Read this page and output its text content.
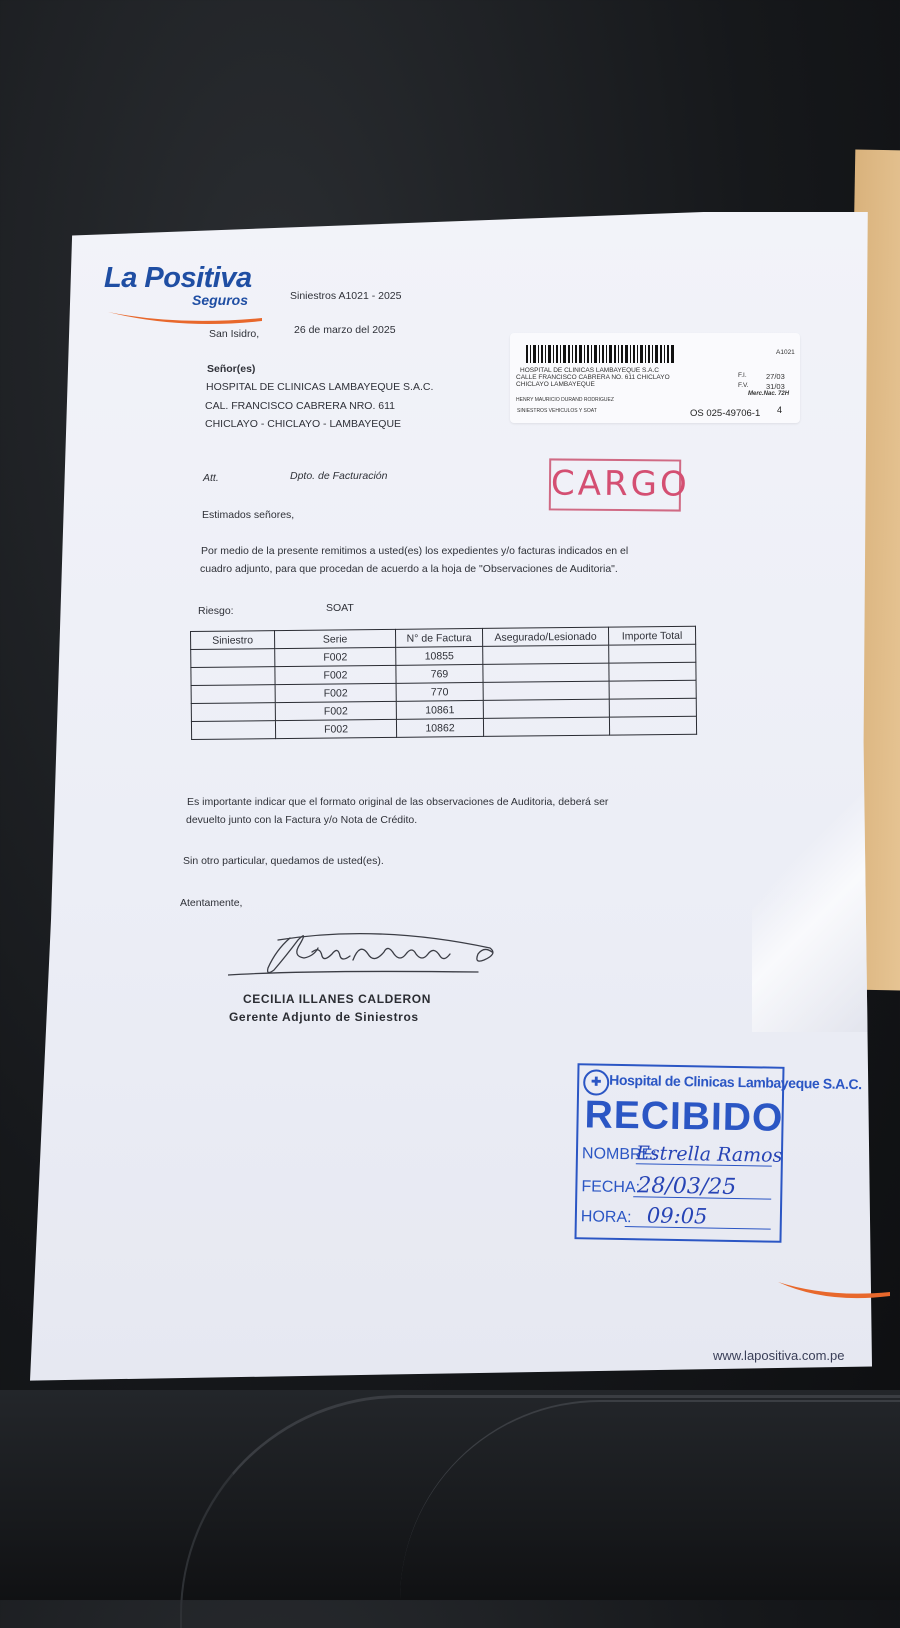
La Positiva
Seguros	Siniestros A1021 - 2025
San Isidro,	26 de marzo del 2025
Señor(es)
HOSPITAL DE CLINICAS LAMBAYEQUE S.A.C.
CAL. FRANCISCO CABRERA NRO. 611
CHICLAYO - CHICLAYO - LAMBAYEQUE
A1021
HOSPITAL DE CLINICAS LAMBAYEQUE S.A.C
CALLE FRANCISCO CABRERA NO. 611 CHICLAYO
CHICLAYO LAMBAYEQUE
HENRY MAURICIO DURAND RODRIGUEZ
SINIESTROS VEHICULOS Y SOAT
F.I.	27/03
F.V. 31/03
Merc.Nac. 72H
OS 025-49706-1 4
Att.	Dpto. de Facturación	CARGO
Estimados señores,
Por medio de la presente remitimos a usted(es) los expedientes y/o facturas indicados en el
cuadro adjunto, para que procedan de acuerdo a la hoja de "Observaciones de Auditoria".
Riesgo:	SOAT
Siniestro	Serie	N° de Factura	Asegurado/Lesionado	Importe Total
	F002	10855		
	F002	769		
	F002	770		
	F002	10861		
	F002	10862		
Es importante indicar que el formato original de las observaciones de Auditoria, deberá ser
devuelto junto con la Factura y/o Nota de Crédito.
Sin otro particular, quedamos de usted(es).
Atentamente,
CECILIA ILLANES CALDERON
Gerente Adjunto de Siniestros
✚ Hospital de Clinicas Lambayeque S.A.C.
RECIBIDO
NOMBRE:
Estrella Ramos
FECHA:
28/03/25
HORA: 09:05
www.lapositiva.com.pe
